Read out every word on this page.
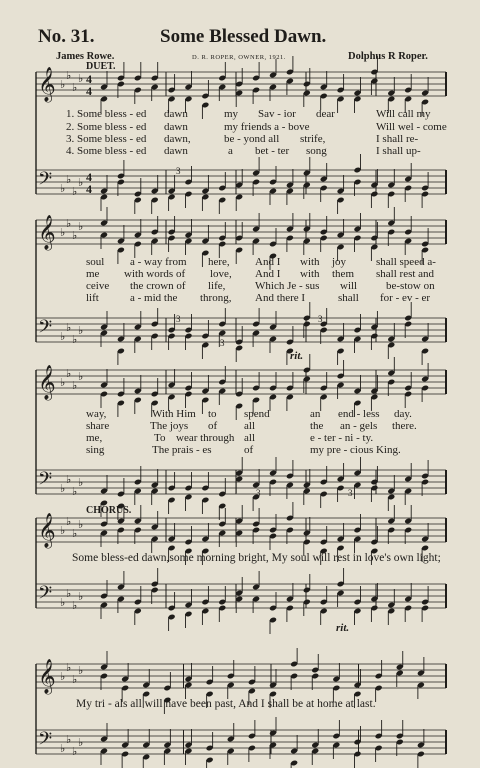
𝄞 ♭
♭
♭
♭
𝄢 ♭
♭
♭
♭
𝄞 ♭
♭
♭
♭
𝄢 ♭
♭
♭
♭
𝄞 ♭
♭
♭
♭
𝄢 ♭
♭
♭
♭
𝄞 ♭
♭
♭
♭
𝄢 ♭
♭
♭
♭
𝄞 ♭
♭
♭
♭
𝄢 ♭
♭
♭
♭
4
4
4
4
3
3
3	3
3	3
No. 31.	Some Blessed Dawn.
James Rowe.	D. R. ROPER, OWNER, 1921.	Dolphus R Roper.
DUET.
CHORUS.
rit.
rit.
1. Some bless - ed dawn	my Sav - ior dear	Will call my
2. Some bless - ed dawn	my friends a - bove	Will wel - come
3. Some bless - ed dawn,	be - yond all strife,	I shall re-
4. Some bless - ed dawn	a bet - ter song	I shall up-
soul a - way from here, And I with joy	shall speed a-
me with words of love, And I with them shall rest and
ceive the crown of life,	Which Je - sus will	be-stow on
lift	a - mid the throng, And there I	shall for - ev - er
way,	With Him to spend	an end - less day.
share	The joys of all	the an - gels there.
me,	To wear through all	e - ter - ni - ty.
sing	The prais - es	of	my pre - cious King.
Some bless-ed dawn,some morning bright, My soul will rest in love's own light;
My tri - als all will have been past, And I shall be at home at last.
